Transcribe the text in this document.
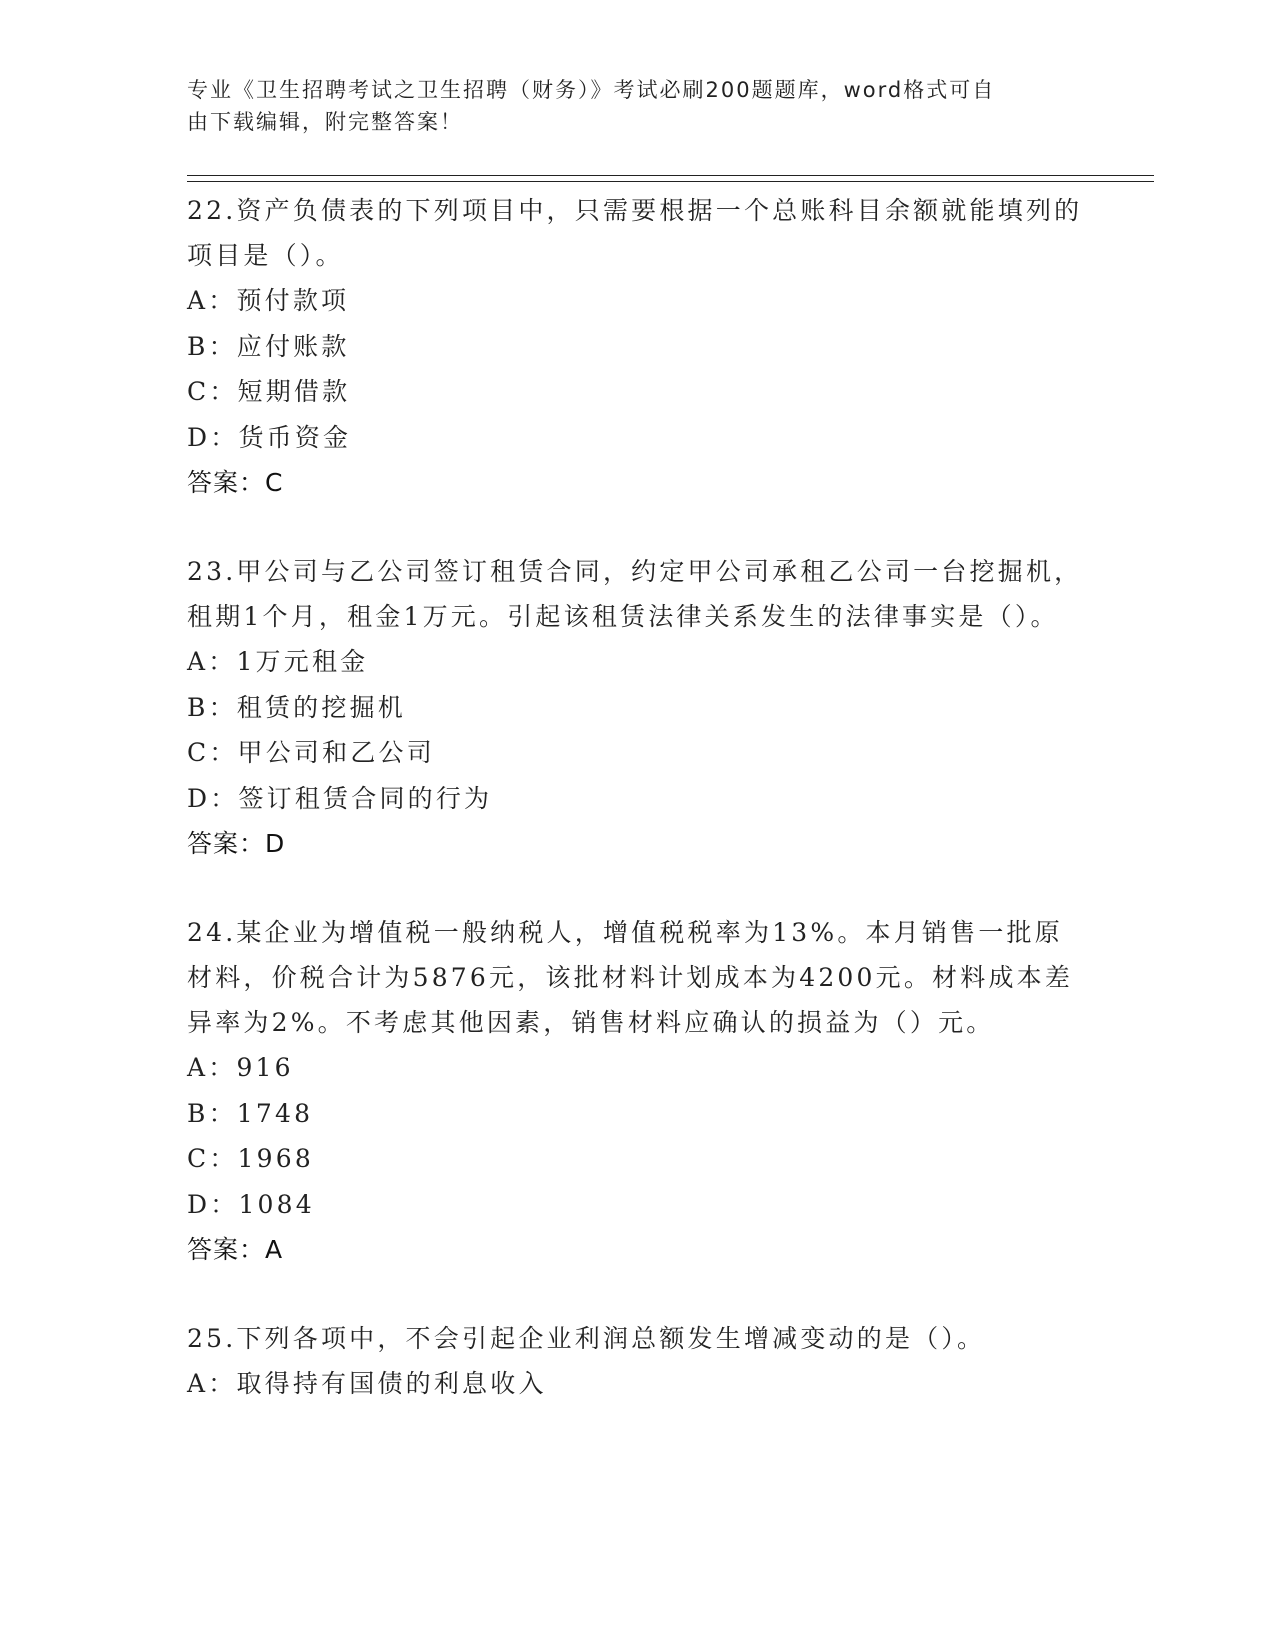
专业《卫生招聘考试之卫生招聘（财务）》考试必刷200题题库，word格式可自
由下载编辑，附完整答案！
22.资产负债表的下列项目中，只需要根据一个总账科目余额就能填列的项目是（）。
A：预付款项
B：应付账款
C：短期借款
D：货币资金
答案：C
23.甲公司与乙公司签订租赁合同，约定甲公司承租乙公司一台挖掘机，租期1个月，租金1万元。引起该租赁法律关系发生的法律事实是（）。
A：1万元租金
B：租赁的挖掘机
C：甲公司和乙公司
D：签订租赁合同的行为
答案：D
24.某企业为增值税一般纳税人，增值税税率为13%。本月销售一批原材料，价税合计为5876元，该批材料计划成本为4200元。材料成本差异率为2%。不考虑其他因素，销售材料应确认的损益为（）元。
A：916
B：1748
C：1968
D：1084
答案：A
25.下列各项中，不会引起企业利润总额发生增减变动的是（）。
A：取得持有国债的利息收入
